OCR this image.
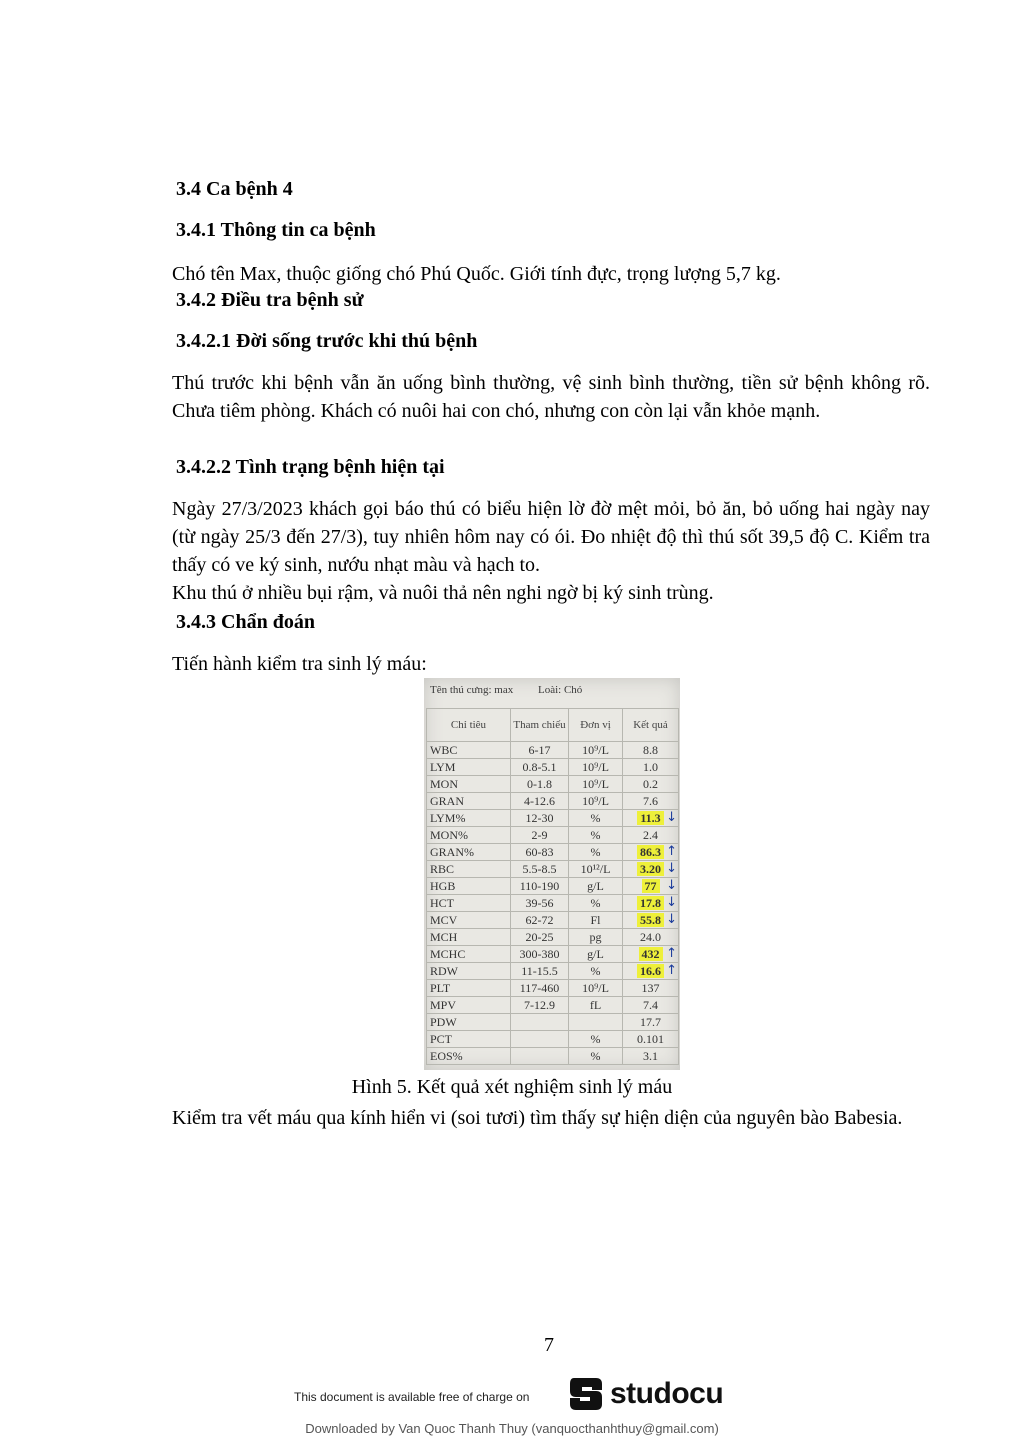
3.4 Ca bệnh 4
3.4.1 Thông tin ca bệnh

Chó tên Max, thuộc giống chó Phú Quốc. Giới tính đực, trọng lượng 5,7 kg.

3.4.2 Điều tra bệnh sử
3.4.2.1 Đời sống trước khi thú bệnh

Thú trước khi bệnh vẫn ăn uống bình thường, vệ sinh bình thường, tiền sử bệnh không rõ. Chưa tiêm phòng. Khách có nuôi hai con chó, nhưng con còn lại vẫn khỏe mạnh.

3.4.2.2 Tình trạng bệnh hiện tại

Ngày 27/3/2023 khách gọi báo thú có biểu hiện lờ đờ mệt mỏi, bỏ ăn, bỏ uống hai ngày nay (từ ngày 25/3 đến 27/3), tuy nhiên hôm nay có ói. Đo nhiệt độ thì thú sốt 39,5 độ C. Kiểm tra thấy có ve ký sinh, nướu nhạt màu và hạch to.

Khu thú ở nhiều bụi rậm, và nuôi thả nên nghi ngờ bị ký sinh trùng.

3.4.3 Chẩn đoán

Tiến hành kiểm tra sinh lý máu:

Tên thú cưng: max Loài: Chó
Chỉ tiêu	Tham chiếu	Đơn vị	Kết quả
WBC	6-17	10⁹/L	8.8
LYM	0.8-5.1	10⁹/L	1.0
MON	0-1.8	10⁹/L	0.2
GRAN	4-12.6	10⁹/L	7.6
LYM%	12-30	%	11.3 ↓

MON%	2-9	%	2.4
GRAN%	60-83	%	86.3 ↑

RBC	5.5-8.5	10¹²/L	3.20 ↓

HGB	110-190	g/L	77 ↓

HCT	39-56	%	17.8 ↓

MCV	62-72	Fl	55.8 ↓

MCH	20-25	pg	24.0
MCHC	300-380	g/L	432 ↑

RDW	11-15.5	%	16.6 ↑

PLT	117-460	10⁹/L	137
MPV	7-12.9	fL	7.4
PDW			17.7
PCT		%	0.101
EOS%		%	3.1
Hình 5. Kết quả xét nghiệm sinh lý máu

Kiểm tra vết máu qua kính hiển vi (soi tươi) tìm thấy sự hiện diện của nguyên bào Babesia.

7
This document is available free of charge on	studocu
Downloaded by Van Quoc Thanh Thuy (vanquocthanhthuy@gmail.com)
